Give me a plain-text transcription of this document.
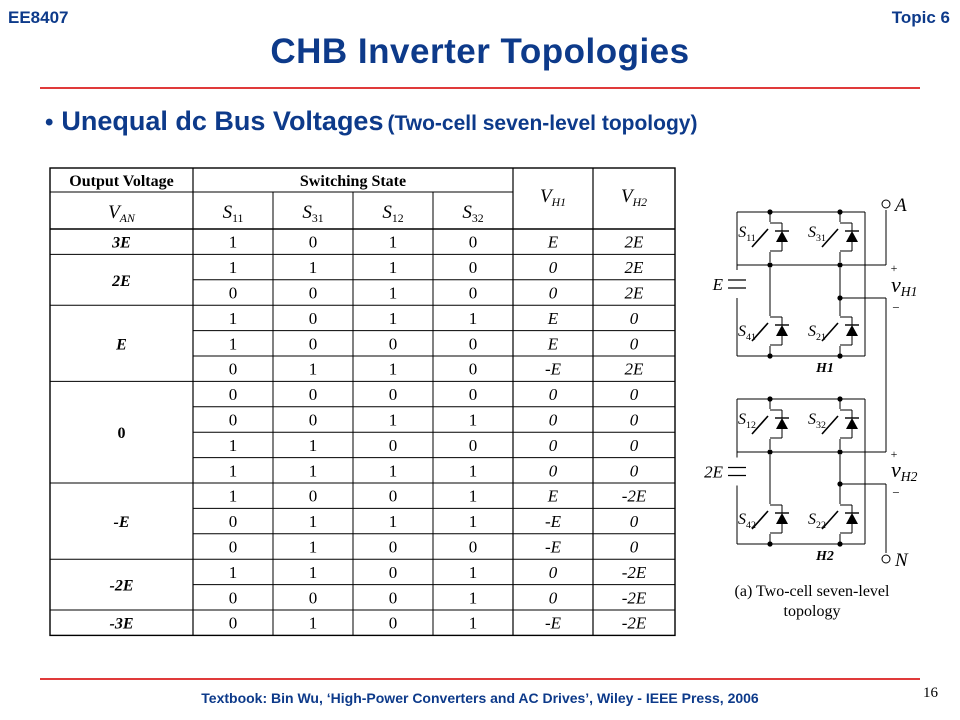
EE8407	Topic 6
CHB Inverter Topologies
• Unequal dc Bus Voltages (Two-cell seven-level topology)
Output Voltage
$V_{AN}$
Switching State
$S_{11}$	$S_{31}$	$S_{12}$	$S_{32}$
$V_{H1}$	$V_{H2}$
3E	1	0	1	0	E	2E
2E
1	1	1	0	0	2E
0	0	1	0	0	2E
E
1	0	1	1	E	0
1	0	0	0	E	0
0	1	1	0	-E	2E
0
0	0	0	0	0	0
0	0	1	1	0	0
1	1	0	0	0	0
1	1	1	1	0	0
-E
1	0	0	1	E	-2E
0	1	1	1	-E	0
0	1	0	0	-E	0
-2E
1	1	0	1	0	-2E
0	0	0	1	0	-2E
-3E	0	1	0	1	-E	-2E
$S_{11}$	$S_{31}$
$S_{41}$	$S_{21}$
E
H1
$S_{12}$	$S_{32}$
$S_{42}$	$S_{22}$
2E
H2
A
N
+
−
+
−
vH1
vH2
(a) Two-cell seven-level
topology
Textbook: Bin Wu, ‘High-Power Converters and AC Drives’, Wiley - IEEE Press, 2006	16
